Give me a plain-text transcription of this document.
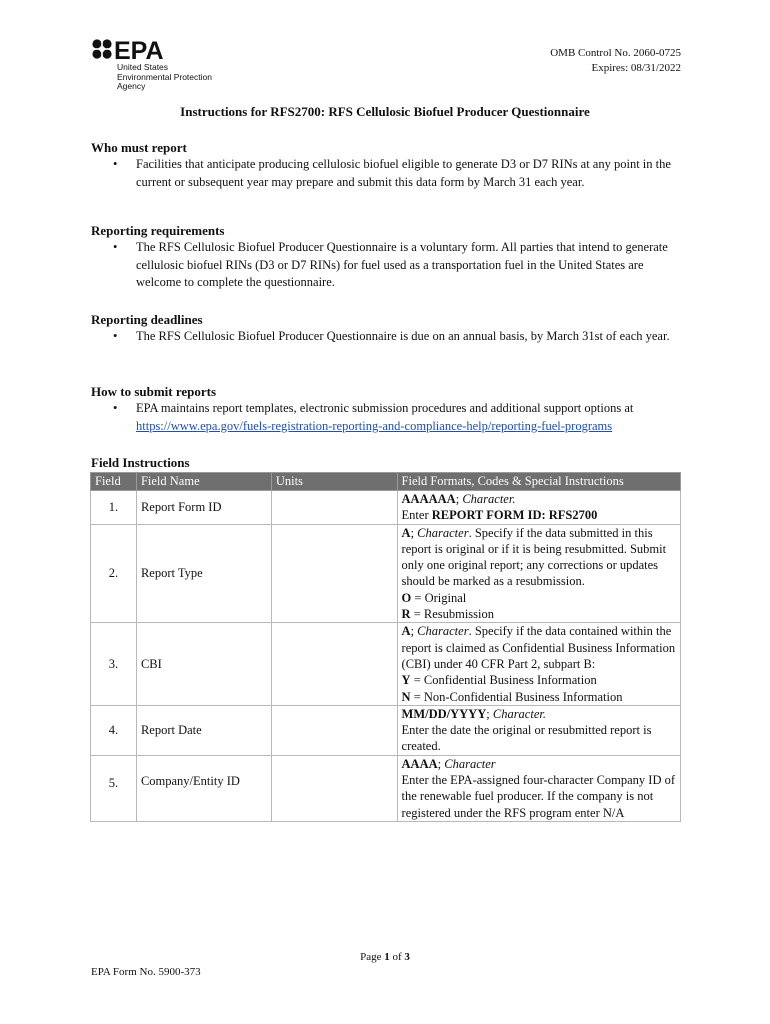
EPA
United States
Environmental Protection
Agency
OMB Control No. 2060-0725
Expires: 08/31/2022
Instructions for RFS2700: RFS Cellulosic Biofuel Producer Questionnaire
Who must report
• Facilities that anticipate producing cellulosic biofuel eligible to generate D3 or D7 RINs at any point in the current or subsequent year may prepare and submit this data form by March 31 each year.
Reporting requirements
• The RFS Cellulosic Biofuel Producer Questionnaire is a voluntary form. All parties that intend to generate cellulosic biofuel RINs (D3 or D7 RINs) for fuel used as a transportation fuel in the United States are welcome to complete the questionnaire.
Reporting deadlines
• The RFS Cellulosic Biofuel Producer Questionnaire is due on an annual basis, by March 31st of each year.
How to submit reports
• EPA maintains report templates, electronic submission procedures and additional support options at https://www.epa.gov/fuels-registration-reporting-and-compliance-help/reporting-fuel-programs
Field Instructions
Field	Field Name	Units	Field Formats, Codes & Special Instructions
1.	Report Form ID		AAAAAA; Character.
Enter REPORT FORM ID: RFS2700

2.	Report Type		A; Character. Specify if the data submitted in this report is original or if it is being resubmitted. Submit only one original report; any corrections or updates should be marked as a resubmission.
O = Original
R = Resubmission

3.	CBI		A; Character. Specify if the data contained within the report is claimed as Confidential Business Information (CBI) under 40 CFR Part 2, subpart B:
Y = Confidential Business Information
N = Non-Confidential Business Information

4.	Report Date		MM/DD/YYYY; Character.
Enter the date the original or resubmitted report is created.

5.	Company/Entity ID		AAAA; Character
Enter the EPA-assigned four-character Company ID of the renewable fuel producer. If the company is not registered under the RFS program enter N/A
Page 1 of 3
EPA Form No. 5900-373
